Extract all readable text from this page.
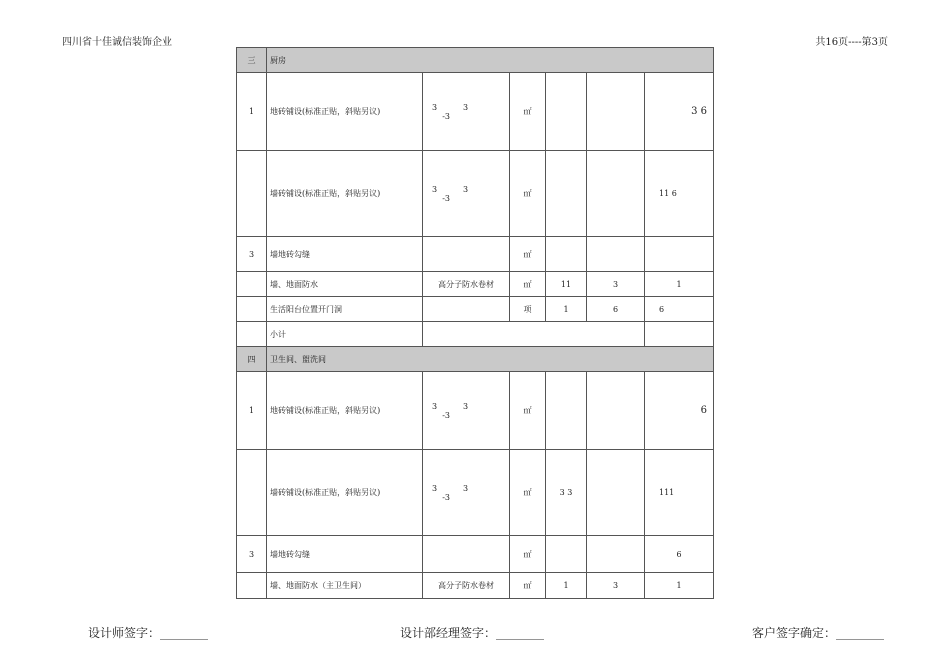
四川省十佳诚信装饰企业	共16页----第3页
三	厨房					
1	地砖铺设(标准正贴，斜贴另议)	3 3-3	㎡			3 6
	墙砖铺设(标准正贴，斜贴另议)	3 3-3	㎡			11 6
3	墙地砖勾缝		㎡			
	墙、地面防水	高分子防水卷材	㎡	11	3	1
	生活阳台位置开门洞		项	1	6	6
	小计					
四	卫生间、盥洗间					
1	地砖铺设(标准正贴，斜贴另议)	3 3-3	㎡			6
	墙砖铺设(标准正贴，斜贴另议)	3 3-3	㎡	3 3		111
3	墙地砖勾缝		㎡			6
	墙、地面防水（主卫生间）	高分子防水卷材	㎡	1	3	1
设计师签字：________	设计部经理签字：________	客户签字确定：________
